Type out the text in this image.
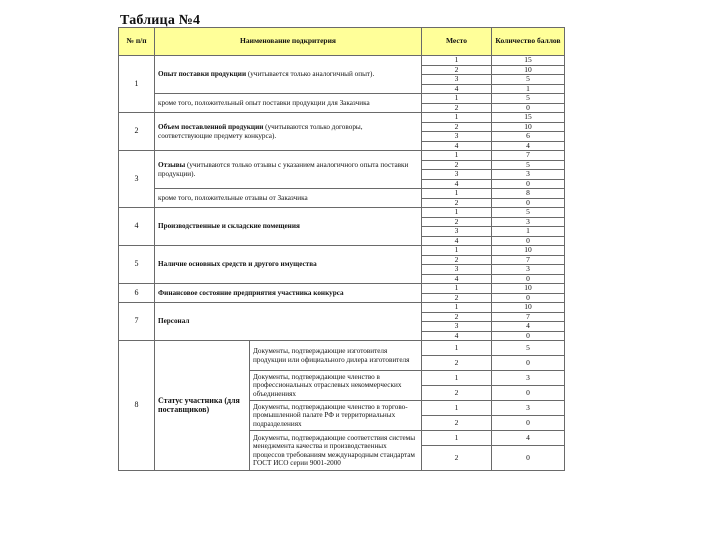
Таблица №4
№ п/п	Наименование подкритерия		Место	Количество баллов
1	Опыт поставки продукции (учитывается только аналогичный опыт).		1	15
			2	10
			3	5
			4	1
	кроме того, положительный опыт поставки продукции для Заказчика		1	5
			2	0
2	Объем поставленной продукции (учитываются только договоры, соответствующие предмету конкурса).		1	15
			2	10
			3	6
			4	4
3	Отзывы (учитываются только отзывы с указанием аналогичного опыта поставки продукции).		1	7
			2	5
			3	3
			4	0
	кроме того, положительные отзывы от Заказчика		1	8
			2	0
4	Производственные и складские помещения		1	5
			2	3
			3	1
			4	0
5	Наличие основных средств и другого имущества		1	10
			2	7
			3	3
			4	0
6	Финансовое состояние предприятия участника конкурса		1	10
			2	0
7	Персонал		1	10
			2	7
			3	4
			4	0
8	Статус участника (для поставщиков)	Документы, подтверждающие изготовителя продукции или официального дилера изготовителя	1	5
			2	0
		Документы, подтверждающие членство в профессиональных отраслевых некоммерческих объединениях	1	3
			2	0
		Документы, подтверждающие членство в торгово-промышленной палате РФ и территориальных подразделениях	1	3
			2	0
		Документы, подтверждающие соответствия системы менеджмента качества и производственных процессов требованиям международным стандартам ГОСТ ИСО серии 9001-2000	1	4
			2	0
